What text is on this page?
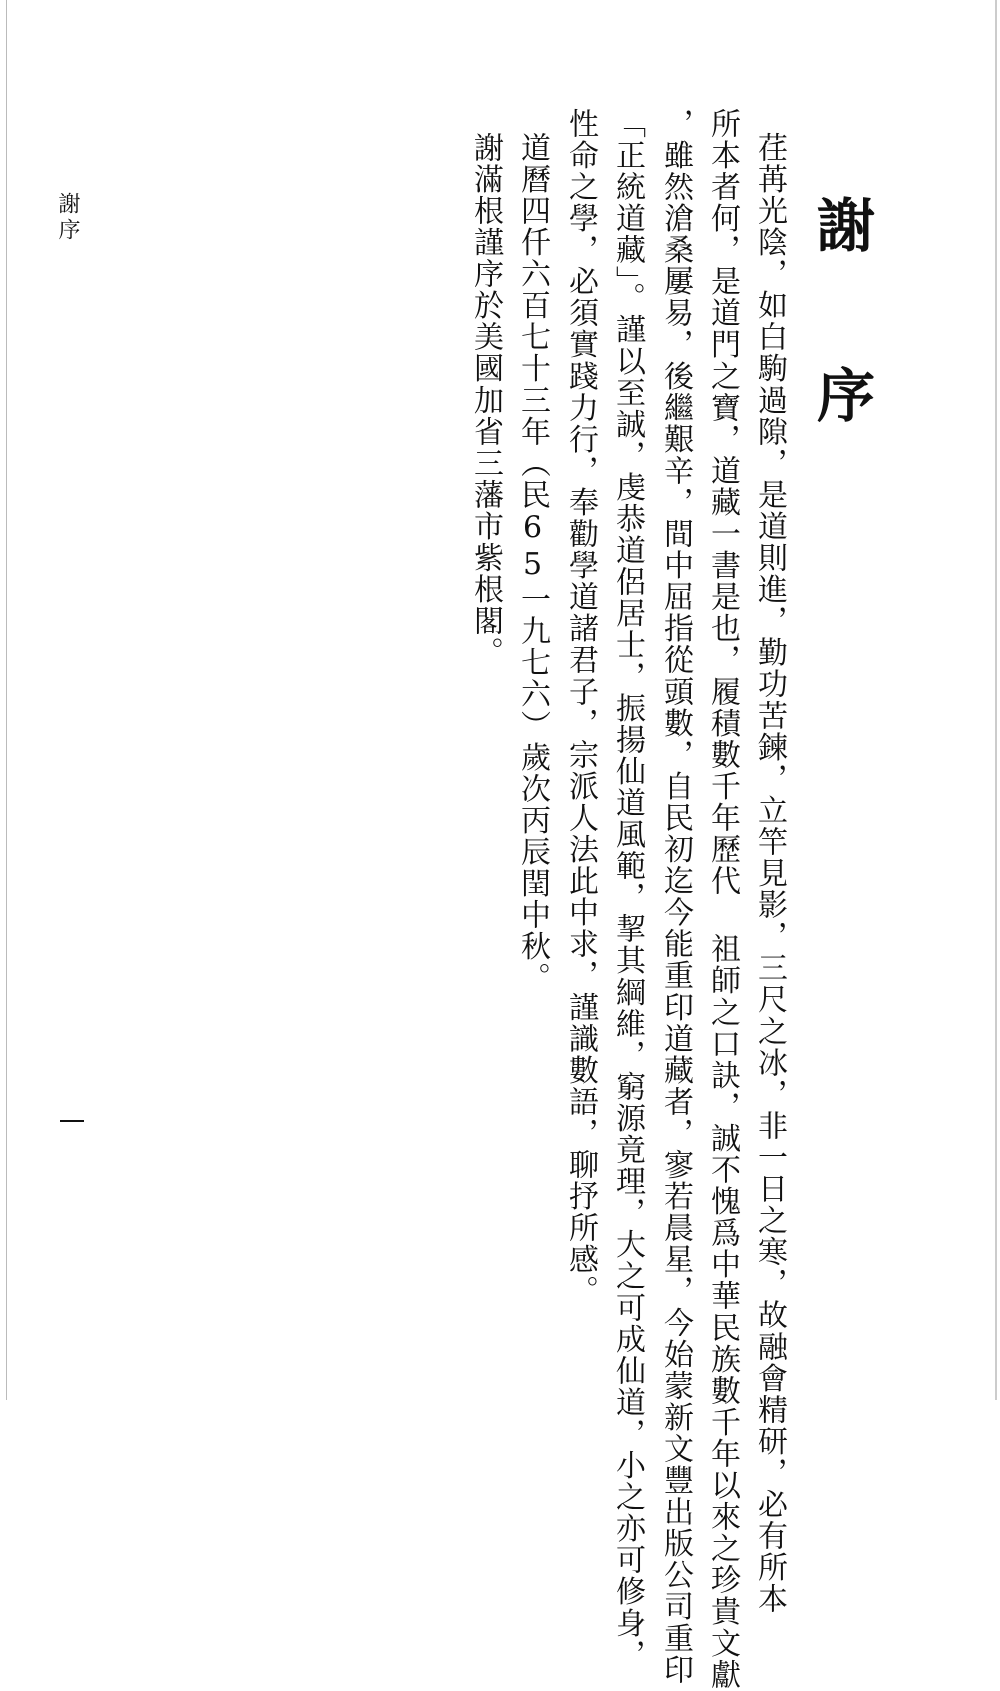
謝序
荏苒光陰，如白駒過隙，是道則進，勤功苦鍊，立竿見影，三尺之冰，非一日之寒，故融會精研，必有所本
所本者何，是道門之寶，道藏一書是也，履積數千年歷代 祖師之口訣，誠不愧爲中華民族數千年以來之珍貴文獻
，雖然滄桑屢易，後繼艱辛，間中屈指從頭數，自民初迄今能重印道藏者，寥若晨星，今始蒙新文豐出版公司重印
「正統道藏」。謹以至誠，虔恭道侶居士，振揚仙道風範，挈其綱維，窮源竟理，大之可成仙道，小之亦可修身，
性命之學，必須實踐力行，奉勸學道諸君子，宗派人法此中求，謹識數語，聊抒所感。
道曆四仟六百七十三年（民65一九七六）歲次丙辰閏中秋。
謝滿根謹序於美國加省三藩市紫根閣。
謝序
